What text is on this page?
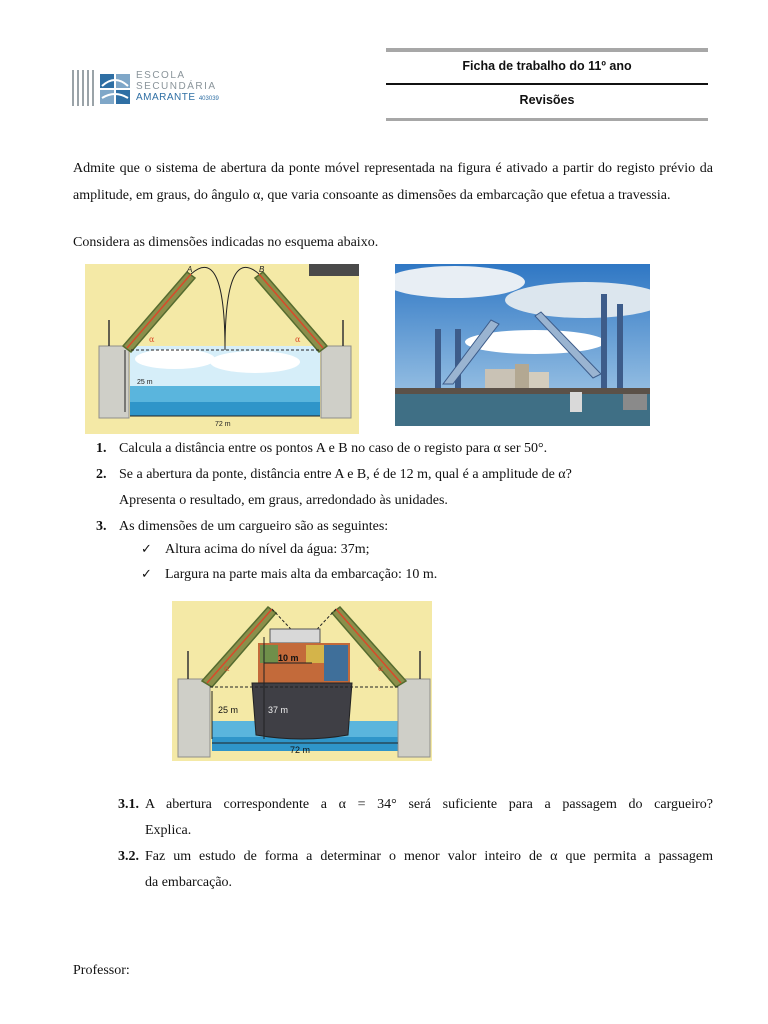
ESCOLA
SECUNDÁRIA
AMARANTE 403039
Ficha de trabalho do 11º ano
Revisões

Admite que o sistema de abertura da ponte móvel representada na figura é ativado a partir do registo prévio da amplitude, em graus, do ângulo α, que varia consoante as dimensões da embarcação que efetua a travessia.

Considera as dimensões indicadas no esquema abaixo.
A	B
α	α
25 m
72 m
1. Calcula a distância entre os pontos A e B no caso de o registo para α ser 50°.
2. Se a abertura da ponte, distância entre A e B, é de 12 m, qual é a amplitude de α?
Apresenta o resultado, em graus, arredondado às unidades.
3. As dimensões de um cargueiro são as seguintes:
✓ Altura acima do nível da água: 37m;
✓ Largura na parte mais alta da embarcação: 10 m.
α	α
10 m
25 m	37 m
72 m
3.1. A abertura correspondente a α = 34° será suficiente para a passagem do cargueiro?
Explica.
3.2. Faz um estudo de forma a determinar o menor valor inteiro de α que permita a passagem
da embarcação.
Professor:
